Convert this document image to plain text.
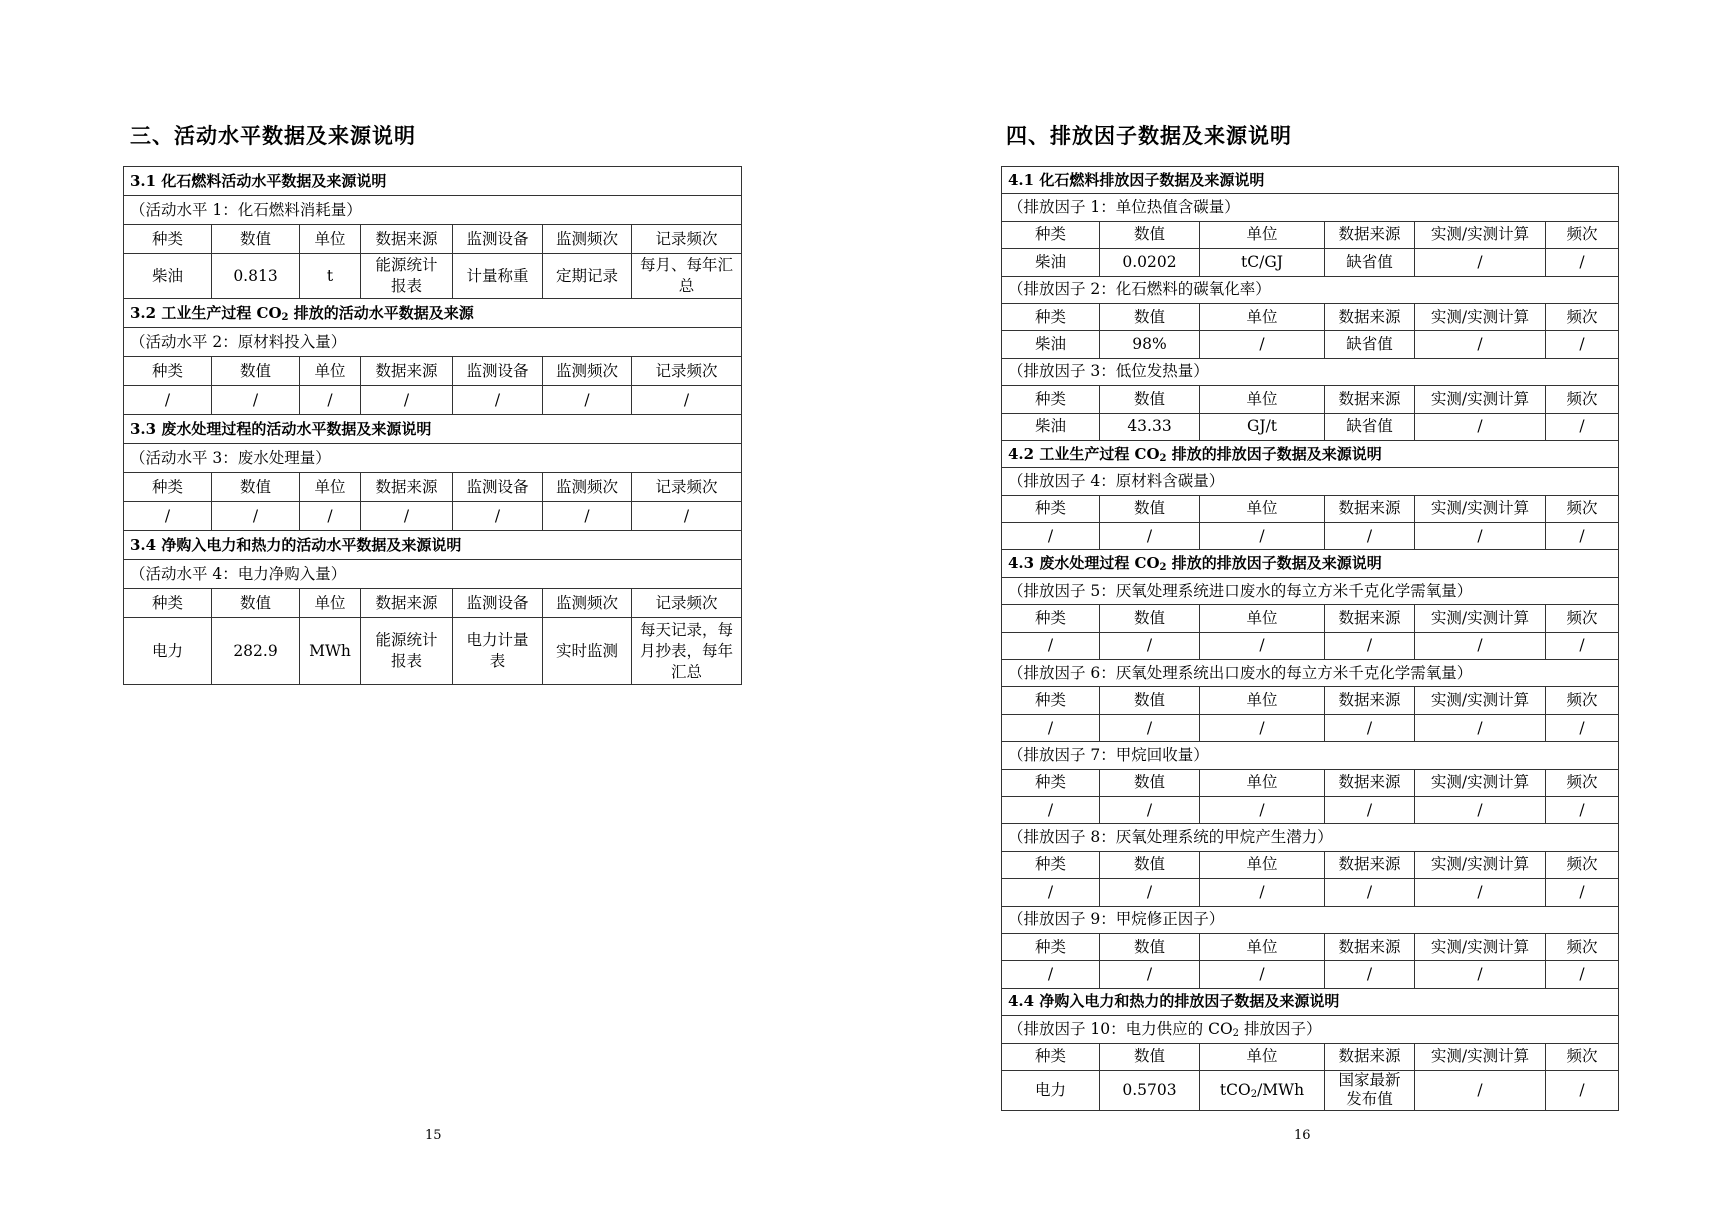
三、活动水平数据及来源说明
3.1 化石燃料活动水平数据及来源说明						
（活动水平 1：化石燃料消耗量）						
种类	数值	单位	数据来源	监测设备	监测频次	记录频次
柴油	0.813	t	能源统计报表	计量称重	定期记录	每月、每年汇总
3.2 工业生产过程 $CO_2$ 排放的活动水平数据及来源						
（活动水平 2：原材料投入量）						
种类	数值	单位	数据来源	监测设备	监测频次	记录频次
/	/	/	/	/	/	/
3.3 废水处理过程的活动水平数据及来源说明						
（活动水平 3：废水处理量）						
种类	数值	单位	数据来源	监测设备	监测频次	记录频次
/	/	/	/	/	/	/
3.4 净购入电力和热力的活动水平数据及来源说明						
（活动水平 4：电力净购入量）						
种类	数值	单位	数据来源	监测设备	监测频次	记录频次
电力	282.9	MWh	能源统计报表	电力计量表	实时监测	每天记录，每月抄表，每年汇总
15
四、排放因子数据及来源说明
4.1 化石燃料排放因子数据及来源说明					
（排放因子 1：单位热值含碳量）					
种类	数值	单位	数据来源	实测/实测计算	频次
柴油	0.0202	tC/GJ	缺省值	/	/
（排放因子 2：化石燃料的碳氧化率）					
种类	数值	单位	数据来源	实测/实测计算	频次
柴油	98%	/	缺省值	/	/
（排放因子 3：低位发热量）					
种类	数值	单位	数据来源	实测/实测计算	频次
柴油	43.33	GJ/t	缺省值	/	/
4.2 工业生产过程 $CO_2$ 排放的排放因子数据及来源说明					
（排放因子 4：原材料含碳量）					
种类	数值	单位	数据来源	实测/实测计算	频次
/	/	/	/	/	/
4.3 废水处理过程 $CO_2$ 排放的排放因子数据及来源说明					
（排放因子 5：厌氧处理系统进口废水的每立方米千克化学需氧量）					
种类	数值	单位	数据来源	实测/实测计算	频次
/	/	/	/	/	/
（排放因子 6：厌氧处理系统出口废水的每立方米千克化学需氧量）					
种类	数值	单位	数据来源	实测/实测计算	频次
/	/	/	/	/	/
（排放因子 7：甲烷回收量）					
种类	数值	单位	数据来源	实测/实测计算	频次
/	/	/	/	/	/
（排放因子 8：厌氧处理系统的甲烷产生潜力）					
种类	数值	单位	数据来源	实测/实测计算	频次
/	/	/	/	/	/
（排放因子 9：甲烷修正因子）					
种类	数值	单位	数据来源	实测/实测计算	频次
/	/	/	/	/	/
4.4 净购入电力和热力的排放因子数据及来源说明					
（排放因子 10：电力供应的 $CO_2$ 排放因子）					
种类	数值	单位	数据来源	实测/实测计算	频次
电力	0.5703	tCO$_2$/MWh	国家最新发布值	/	/
16
